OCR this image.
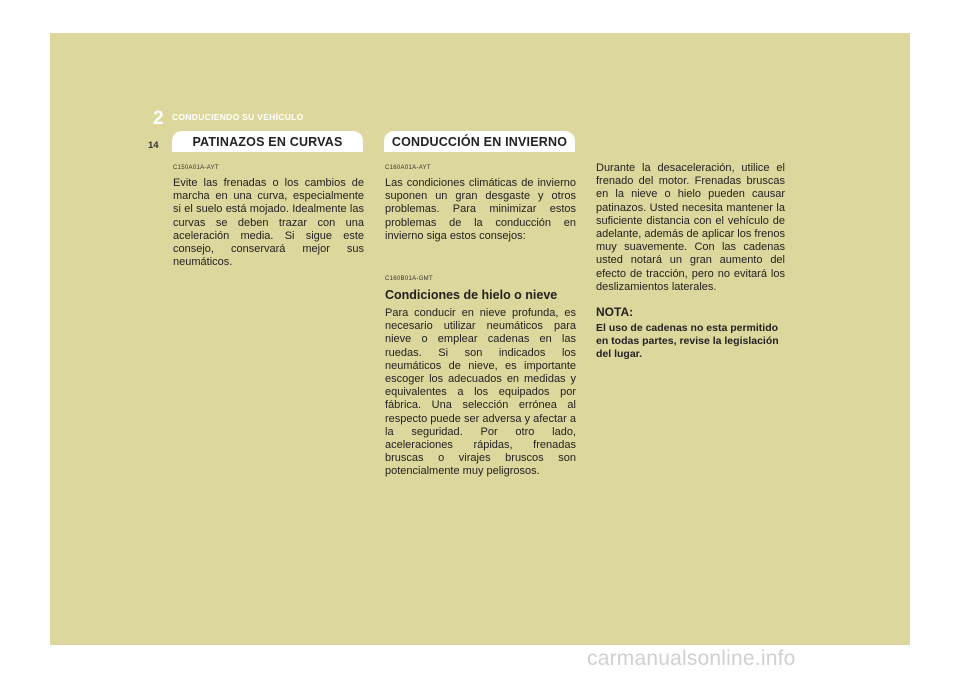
2 CONDUCIENDO SU VEHÍCULO
14	PATINAZOS EN CURVAS	CONDUCCIÓN EN INVIERNO
C150A01A-AYT

Evite las frenadas o los cambios de marcha en una curva, especialmente si el suelo está mojado. Idealmente las curvas se deben trazar con una aceleración media. Si sigue este consejo, conservará mejor sus neumáticos.

C160A01A-AYT

Las condiciones climáticas de invierno suponen un gran desgaste y otros problemas. Para minimizar estos problemas de la conducción en invierno siga estos consejos:

C160B01A-GMT
Condiciones de hielo o nieve

Para conducir en nieve profunda, es necesario utilizar neumáticos para nieve o emplear cadenas en las ruedas. Si son indicados los neumáticos de nieve, es importante escoger los adecuados en medidas y equivalentes a los equipados por fábrica. Una selección errónea al respecto puede ser adversa y afectar a la seguridad. Por otro lado, aceleraciones rápidas, frenadas bruscas o virajes bruscos son potencialmente muy peligrosos.

Durante la desaceleración, utilice el frenado del motor. Frenadas bruscas en la nieve o hielo pueden causar patinazos. Usted necesita mantener la suficiente distancia con el vehículo de adelante, además de aplicar los frenos muy suavemente. Con las cadenas usted notará un gran aumento del efecto de tracción, pero no evitará los deslizamientos laterales.

NOTA:

El uso de cadenas no esta permitido en todas partes, revise la legislación del lugar.

carmanualsonline.info
